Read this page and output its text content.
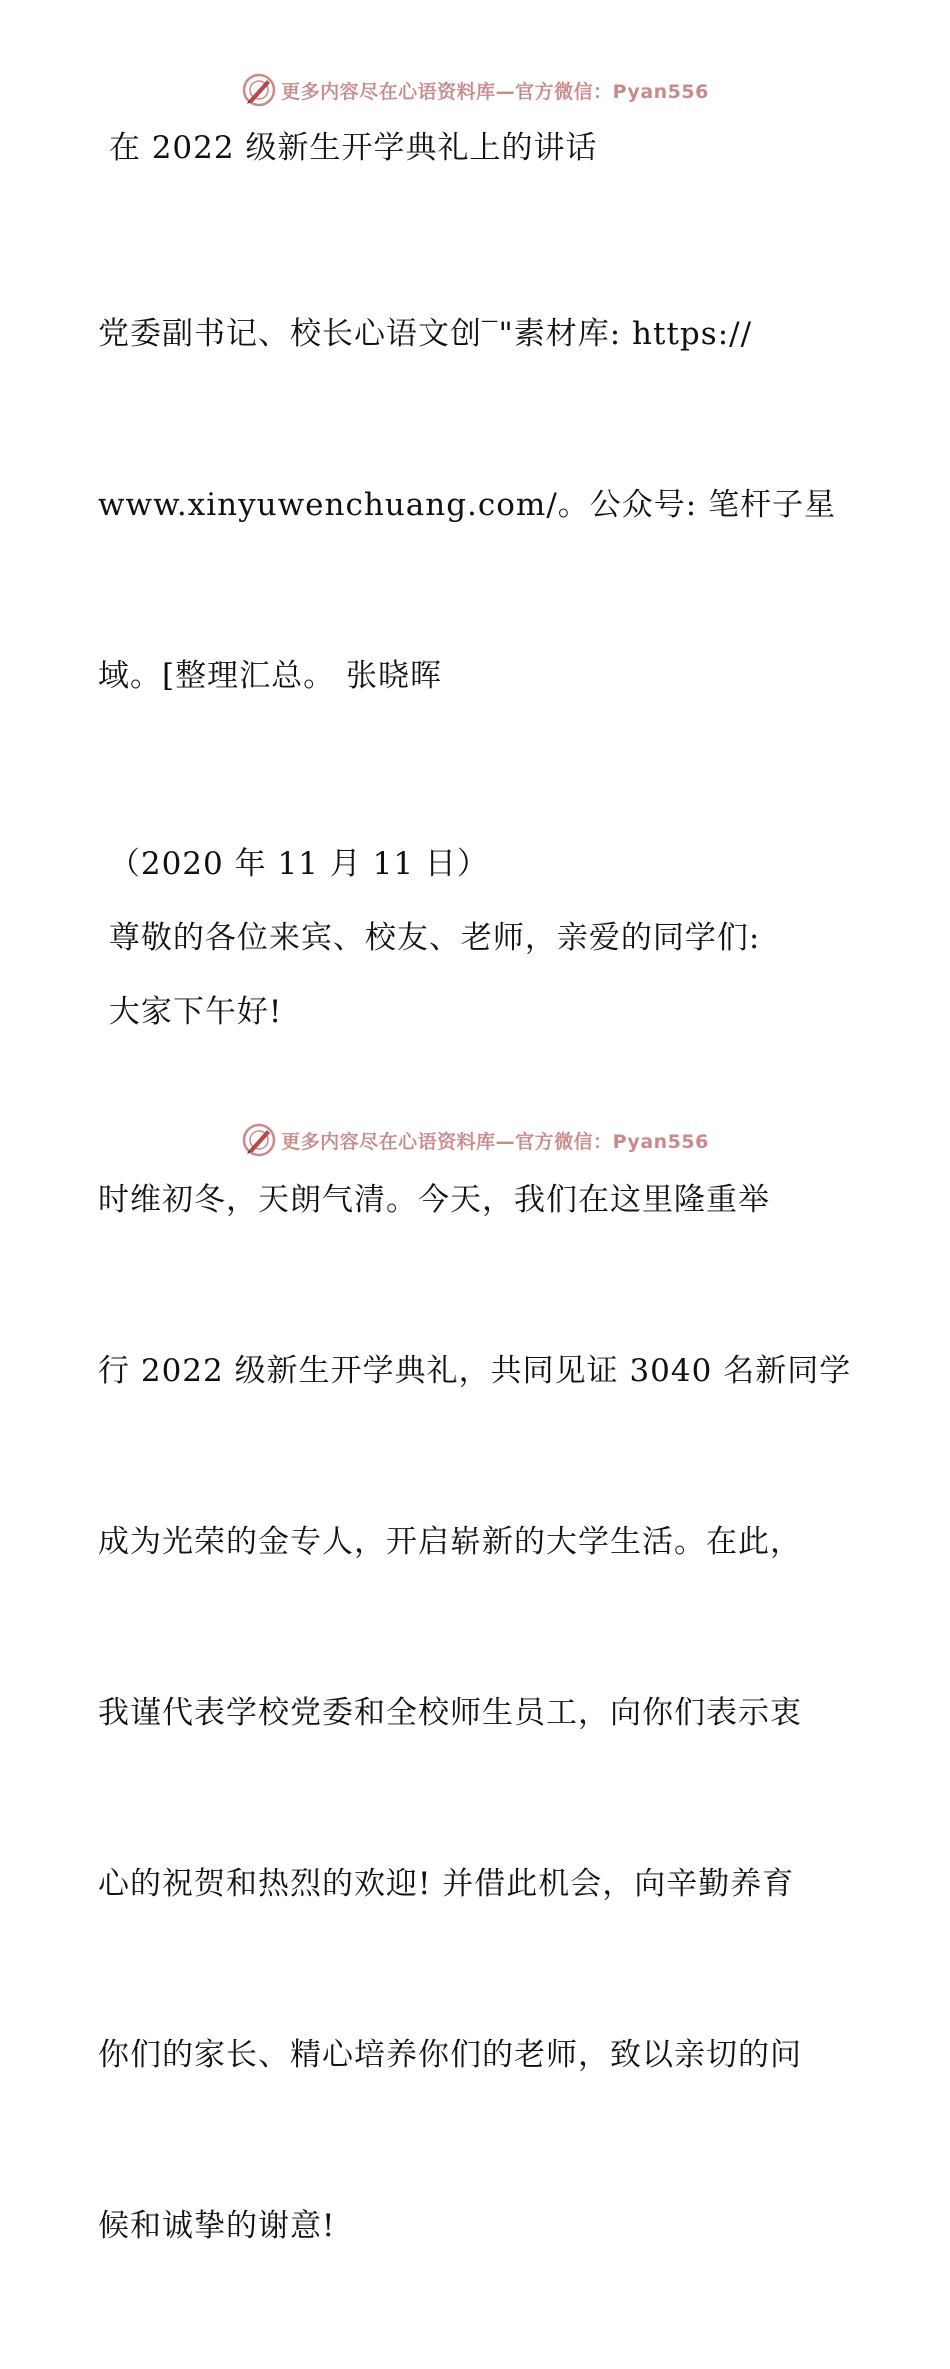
更多内容尽在心语资料库—官方微信：Pyan556

在 2022 级新生开学典礼上的讲话

党委副书记、校长心语文创‾"素材库: https://

www.xinyuwenchuang.com/。公众号: 笔杆子星

域。[整理汇总。 张晓晖

（2020 年 11 月 11 日）

尊敬的各位来宾、校友、老师，亲爱的同学们:

大家下午好!

时维初冬，天朗气清。今天，我们在这里隆重举

行 2022 级新生开学典礼，共同见证 3040 名新同学

成为光荣的金专人，开启崭新的大学生活。在此，

我谨代表学校党委和全校师生员工，向你们表示衷

心的祝贺和热烈的欢迎! 并借此机会，向辛勤养育

你们的家长、精心培养你们的老师，致以亲切的问

候和诚挚的谢意!

更多内容尽在心语资料库—官方微信：Pyan556
